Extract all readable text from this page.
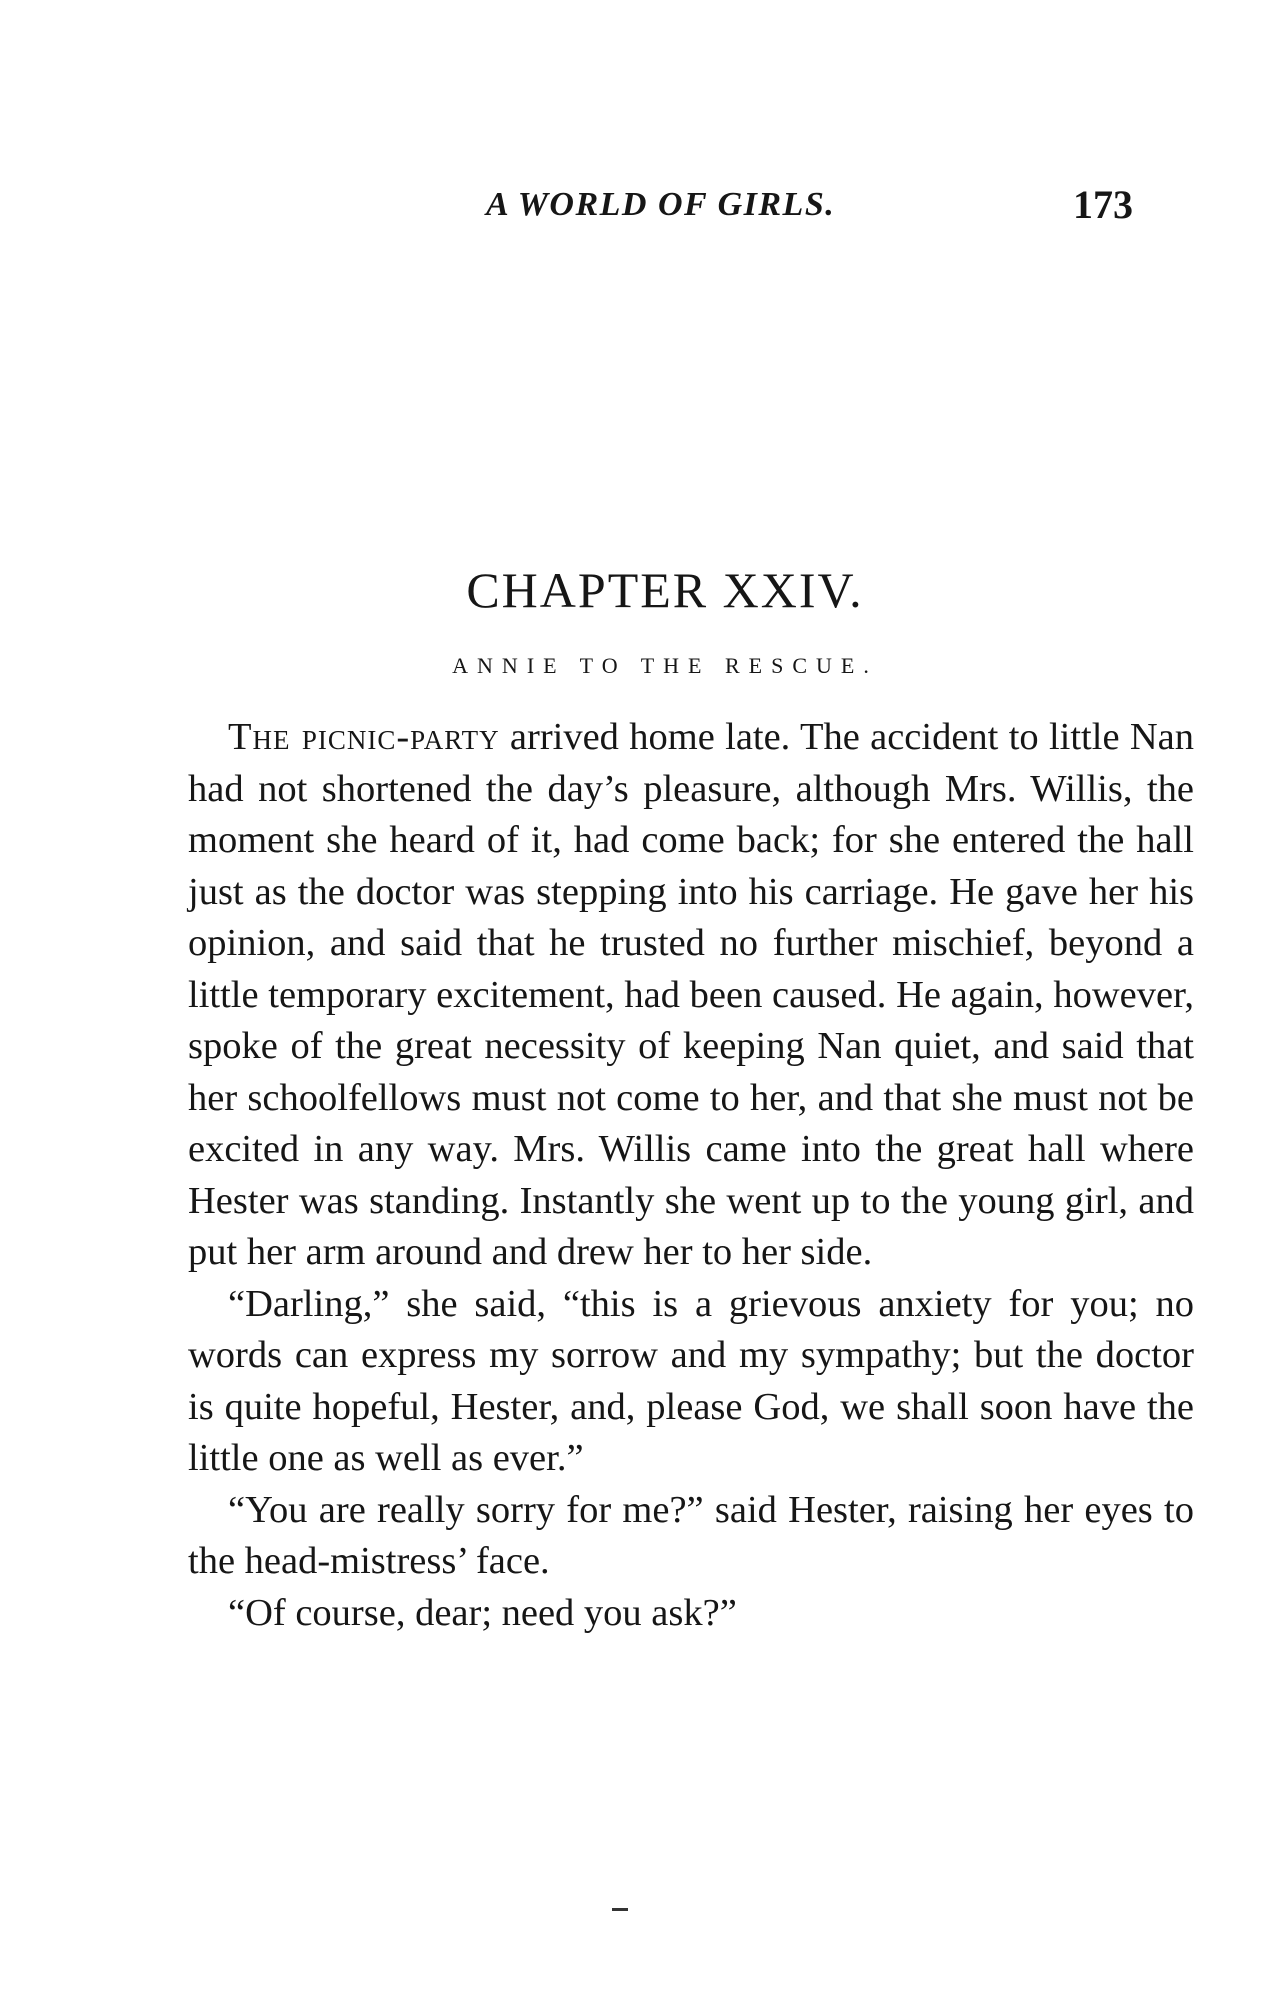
A WORLD OF GIRLS.	173
CHAPTER XXIV.
ANNIE TO THE RESCUE.

The picnic-party arrived home late. The accident to little Nan had not shortened the day’s pleasure, although Mrs. Willis, the moment she heard of it, had come back; for she entered the hall just as the doctor was stepping into his carriage. He gave her his opinion, and said that he trusted no further mischief, beyond a little temporary excitement, had been caused. He again, however, spoke of the great necessity of keeping Nan quiet, and said that her schoolfellows must not come to her, and that she must not be excited in any way. Mrs. Willis came into the great hall where Hester was standing. Instantly she went up to the young girl, and put her arm around and drew her to her side.

“Darling,” she said, “this is a grievous anxiety for you; no words can express my sorrow and my sympathy; but the doctor is quite hopeful, Hester, and, please God, we shall soon have the little one as well as ever.”

“You are really sorry for me?” said Hester, raising her eyes to the head-mistress’ face.

“Of course, dear; need you ask?”
